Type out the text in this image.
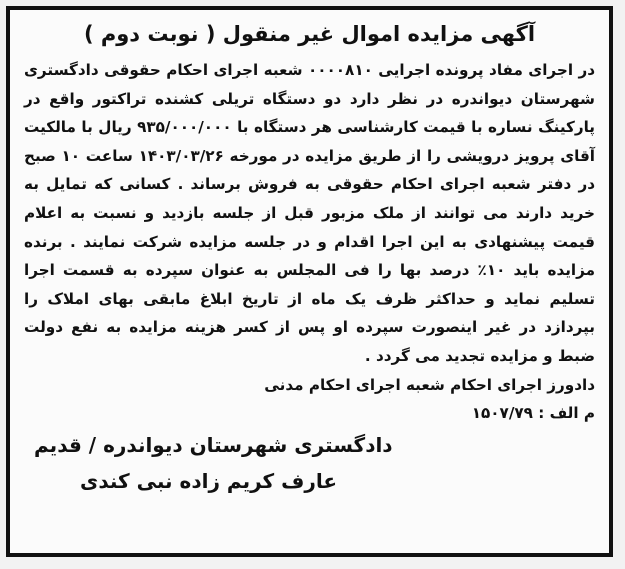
آگهی مزایده اموال غیر منقول ( نوبت دوم )
در اجرای مفاد پرونده اجرایی ۰۰۰۰۸۱۰ شعبه اجرای احکام حقوقی دادگستری شهرستان دیواندره در نظر دارد دو دستگاه تریلی کشنده تراکتور واقع در پارکینگ نساره با قیمت کارشناسی هر دستگاه با ۹۳۵/۰۰۰/۰۰۰ ریال با مالکیت آقای پرویز درویشی را از طریق مزایده در مورخه ۱۴۰۳/۰۳/۲۶ ساعت ۱۰ صبح در دفتر شعبه اجرای احکام حقوقی به فروش برساند . کسانی که تمایل به خرید دارند می توانند از ملک مزبور قبل از جلسه بازدید و نسبت به اعلام قیمت پیشنهادی به این اجرا اقدام و در جلسه مزایده شرکت نمایند . برنده مزایده باید ۱۰٪ درصد بها را فی المجلس به عنوان سپرده به قسمت اجرا تسلیم نماید و حداکثر ظرف یک ماه از تاریخ ابلاغ مابقی بهای املاک را بپردازد در غیر اینصورت سپرده او پس از کسر هزینه مزایده به نفع دولت ضبط و مزایده تجدید می گردد .
دادورز اجرای احکام شعبه اجرای احکام مدنی
م الف : ۱۵۰۷/۷۹
دادگستری شهرستان دیواندره / قدیم
عارف کریم زاده نبی کندی
